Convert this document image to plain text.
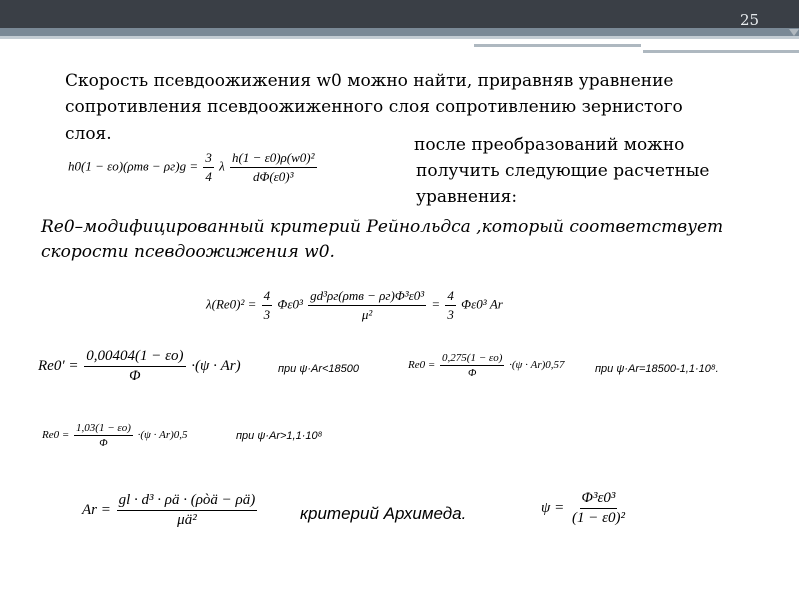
25
Скорость псевдоожижения w0 можно найти, приравняв уравнение
сопротивления псевдоожиженного слоя сопротивлению зернистого
слоя.
после преобразований можно
получить следующие расчетные
уравнения:
Re0–модифицированный критерий Рейнольдса ,который соответствует
скорости псевдоожижения w0.
$h0(1 - \varepsilon o)(\rho тв - \rho г)g = \frac{3}{4}$ λ $\frac{\text{h(1 − ε0)ρ(w0)²}}{\text{dΦ(ε0)³}}$
$\lambda(Re0)^2 = \frac{4}{3} \Phi\varepsilon 0^3 \frac{\text{gd³ρг(ρтв − ρг)Φ³ε0³}}{\text{μ²}} = \frac{4}{3} \Phi\varepsilon 0^3$ Ar
$Re0' = \frac{0,00404(1 - \varepsilon o)}{\Phi} \cdot(\psi \cdot Ar)$	при ψ·Ar<18500	$Re0 = \frac{0,275(1 - \varepsilon o)}{\Phi} \cdot(\psi \cdot Ar)0,57$	при ψ·Ar=18500-1,1·10⁸.
$Re0 = \frac{1,03(1 - \varepsilon o)}{\Phi} \cdot(\psi \cdot Ar)0,5$	при ψ·Ar>1,1·10⁸
$Ar = \frac{\text{gl · d³ · ρä · (ρòä − ρä)}}{\text{μä²}}$	критерий Архимеда.	$\psi = \frac{\text{Φ³ε0³}}{\text{(1 − ε0)²}}$
